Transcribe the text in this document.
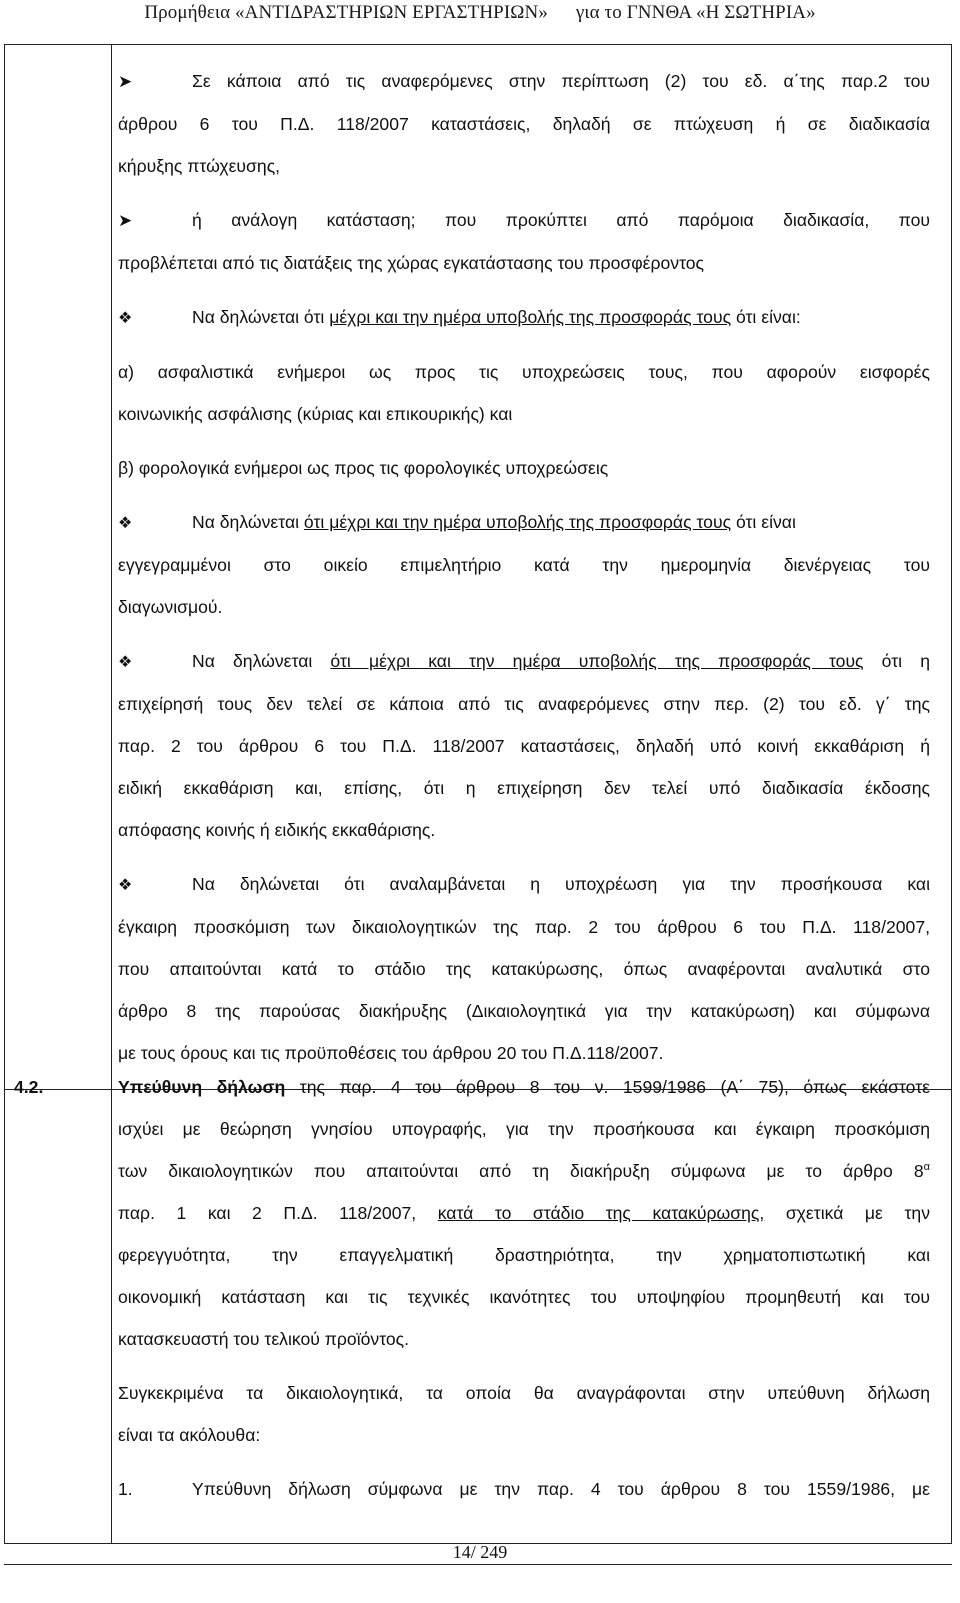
Προμήθεια «ΑΝΤΙΔΡΑΣΤΗΡΙΩΝ ΕΡΓΑΣΤΗΡΙΩΝ» για το ΓΝΝΘΑ «Η ΣΩΤΗΡΙΑ»

➤	Σε κάποια από τις αναφερόμενες στην περίπτωση (2) του εδ. α΄της παρ.2 του

άρθρου 6 του Π.Δ. 118/2007 καταστάσεις, δηλαδή σε πτώχευση ή σε διαδικασία

κήρυξης πτώχευσης,

➤	ή ανάλογη κατάσταση; που προκύπτει από παρόμοια διαδικασία, που

προβλέπεται από τις διατάξεις της χώρας εγκατάστασης του προσφέροντος

❖	Να δηλώνεται ότι μέχρι και την ημέρα υποβολής της προσφοράς τους ότι είναι:

α) ασφαλιστικά ενήμεροι ως προς τις υποχρεώσεις τους, που αφορούν εισφορές

κοινωνικής ασφάλισης (κύριας και επικουρικής) και

β) φορολογικά ενήμεροι ως προς τις φορολογικές υποχρεώσεις

❖	Να δηλώνεται ότι μέχρι και την ημέρα υποβολής της προσφοράς τους ότι είναι

εγγεγραμμένοι στο οικείο επιμελητήριο κατά την ημερομηνία διενέργειας του

διαγωνισμού.

❖	Να δηλώνεται ότι μέχρι και την ημέρα υποβολής της προσφοράς τους ότι η

επιχείρησή τους δεν τελεί σε κάποια από τις αναφερόμενες στην περ. (2) του εδ. γ΄ της

παρ. 2 του άρθρου 6 του Π.Δ. 118/2007 καταστάσεις, δηλαδή υπό κοινή εκκαθάριση ή

ειδική εκκαθάριση και, επίσης, ότι η επιχείρηση δεν τελεί υπό διαδικασία έκδοσης

απόφασης κοινής ή ειδικής εκκαθάρισης.

❖	Να δηλώνεται ότι αναλαμβάνεται η υποχρέωση για την προσήκουσα και

έγκαιρη προσκόμιση των δικαιολογητικών της παρ. 2 του άρθρου 6 του Π.Δ. 118/2007,

που απαιτούνται κατά το στάδιο της κατακύρωσης, όπως αναφέρονται αναλυτικά στο

άρθρο 8 της παρούσας διακήρυξης (Δικαιολογητικά για την κατακύρωση) και σύμφωνα

με τους όρους και τις προϋποθέσεις του άρθρου 20 του Π.Δ.118/2007.

4.2.	Υπεύθυνη δήλωση της παρ. 4 του άρθρου 8 του ν. 1599/1986 (Α΄ 75), όπως εκάστοτε

ισχύει με θεώρηση γνησίου υπογραφής, για την προσήκουσα και έγκαιρη προσκόμιση

των δικαιολογητικών που απαιτούνται από τη διακήρυξη σύμφωνα με το άρθρο $8^\alpha$

παρ. 1 και 2 Π.Δ. 118/2007, κατά το στάδιο της κατακύρωσης, σχετικά με την

φερεγγυότητα, την επαγγελματική δραστηριότητα, την χρηματοπιστωτική και

οικονομική κατάσταση και τις τεχνικές ικανότητες του υποψηφίου προμηθευτή και του

κατασκευαστή του τελικού προϊόντος.

Συγκεκριμένα τα δικαιολογητικά, τα οποία θα αναγράφονται στην υπεύθυνη δήλωση

είναι τα ακόλουθα:

1.	Υπεύθυνη δήλωση σύμφωνα με την παρ. 4 του άρθρου 8 του 1559/1986, με

14/ 249
